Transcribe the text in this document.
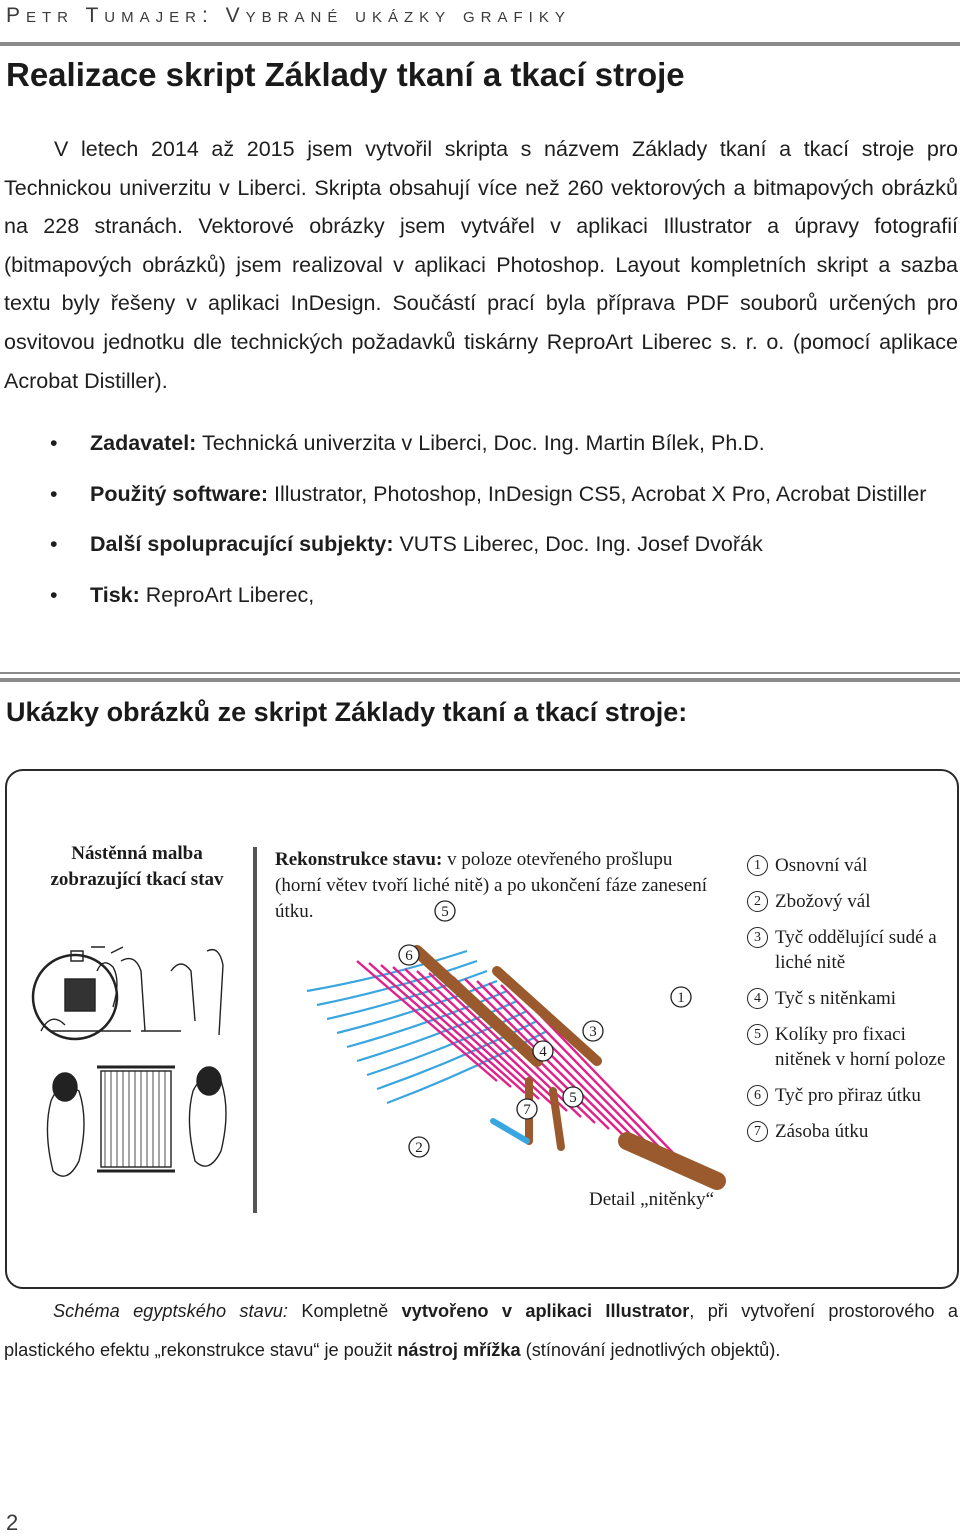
Petr Tumajer: Vybrané ukázky grafiky
Realizace skript Základy tkaní a tkací stroje
V letech 2014 až 2015 jsem vytvořil skripta s názvem Základy tkaní a tkací stroje pro Technickou univerzitu v Liberci. Skripta obsahují více než 260 vektorových a bitmapových obrázků na 228 stranách. Vektorové obrázky jsem vytvářel v aplikaci Illustrator a úpravy fotografií (bitmapových obrázků) jsem realizoval v aplikaci Photoshop. Layout kompletních skript a sazba textu byly řešeny v aplikaci InDesign. Součástí prací byla příprava PDF souborů určených pro osvitovou jednotku dle technických požadavků tiskárny ReproArt Liberec s. r. o. (pomocí aplikace Acrobat Distiller).
• Zadavatel: Technická univerzita v Liberci, Doc. Ing. Martin Bílek, Ph.D.
• Použitý software: Illustrator, Photoshop, InDesign CS5, Acrobat X Pro, Acrobat Distiller
• Další spolupracující subjekty: VUTS Liberec, Doc. Ing. Josef Dvořák
• Tisk: ReproArt Liberec,
Ukázky obrázků ze skript Základy tkaní a tkací stroje:
Nástěnná malba zobrazující tkací stav
Rekonstrukce stavu: v poloze otevřeného prošlupu (horní větev tvoří liché nitě) a po ukončení fáze zanesení útku.	5
6
1
3
4
5
7
2
1 Osnovní vál
2 Zbožový vál
3 Tyč oddělující sudé a liché nitě
4 Tyč s nitěnkami
5 Kolíky pro fixaci nitěnek v horní poloze
6 Tyč pro přiraz útku
7 Zásoba útku
Detail „nitěnky“
Schéma egyptského stavu: Kompletně vytvořeno v aplikaci Illustrator, při vytvoření prostorového a plastického efektu „rekonstrukce stavu“ je použit nástroj mřížka (stínování jednotlivých objektů).
2
